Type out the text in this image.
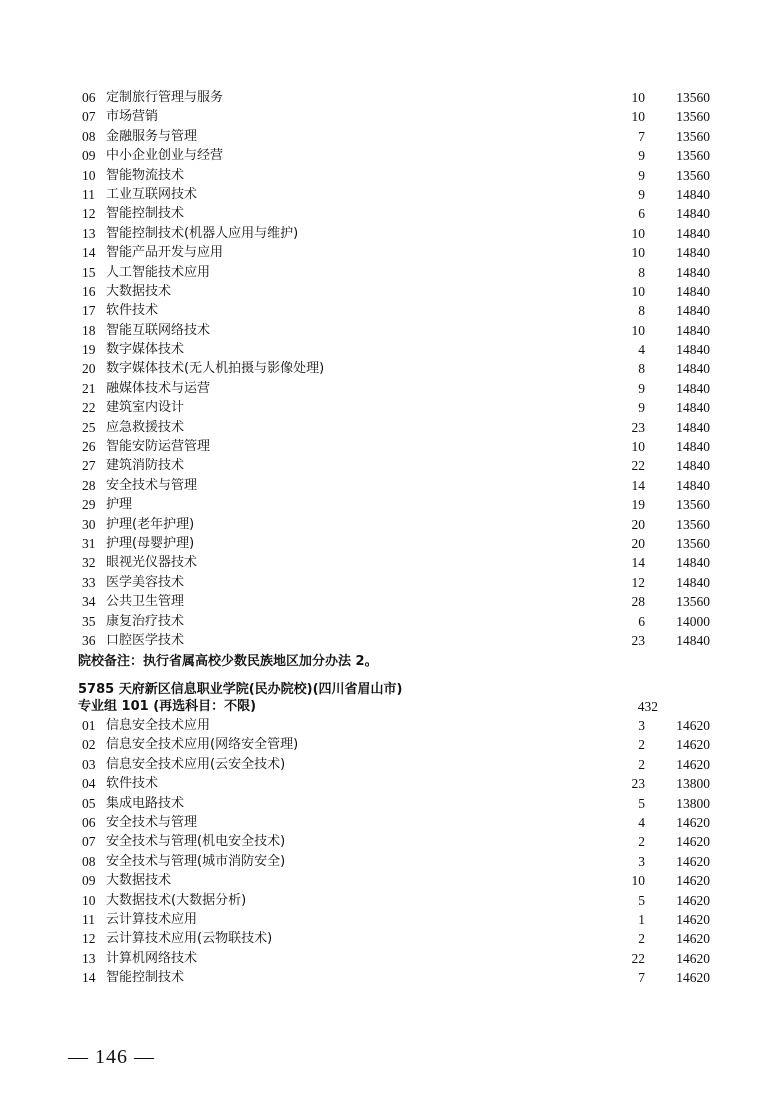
06 定制旅行管理与服务	10 13560
07 市场营销	10 13560
08 金融服务与管理	7 13560
09 中小企业创业与经营	9 13560
10 智能物流技术	9 13560
11 工业互联网技术	9 14840
12 智能控制技术	6 14840
13 智能控制技术(机器人应用与维护)	10 14840
14 智能产品开发与应用	10 14840
15 人工智能技术应用	8 14840
16 大数据技术	10 14840
17 软件技术	8 14840
18 智能互联网络技术	10 14840
19 数字媒体技术	4 14840
20 数字媒体技术(无人机拍摄与影像处理)	8 14840
21 融媒体技术与运营	9 14840
22 建筑室内设计	9 14840
25 应急救援技术	23 14840
26 智能安防运营管理	10 14840
27 建筑消防技术	22 14840
28 安全技术与管理	14 14840
29 护理	19 13560
30 护理(老年护理)	20 13560
31 护理(母婴护理)	20 13560
32 眼视光仪器技术	14 14840
33 医学美容技术	12 14840
34 公共卫生管理	28 13560
35 康复治疗技术	6 14000
36 口腔医学技术	23 14840
院校备注：执行省属高校少数民族地区加分办法 2。
5785 天府新区信息职业学院(民办院校)(四川省眉山市)
专业组 101 (再选科目：不限)	432
01 信息安全技术应用	3 14620
02 信息安全技术应用(网络安全管理)	2 14620
03 信息安全技术应用(云安全技术)	2 14620
04 软件技术	23 13800
05 集成电路技术	5 13800
06 安全技术与管理	4 14620
07 安全技术与管理(机电安全技术)	2 14620
08 安全技术与管理(城市消防安全)	3 14620
09 大数据技术	10 14620
10 大数据技术(大数据分析)	5 14620
11 云计算技术应用	1 14620
12 云计算技术应用(云物联技术)	2 14620
13 计算机网络技术	22 14620
14 智能控制技术	7 14620
— 146 —
